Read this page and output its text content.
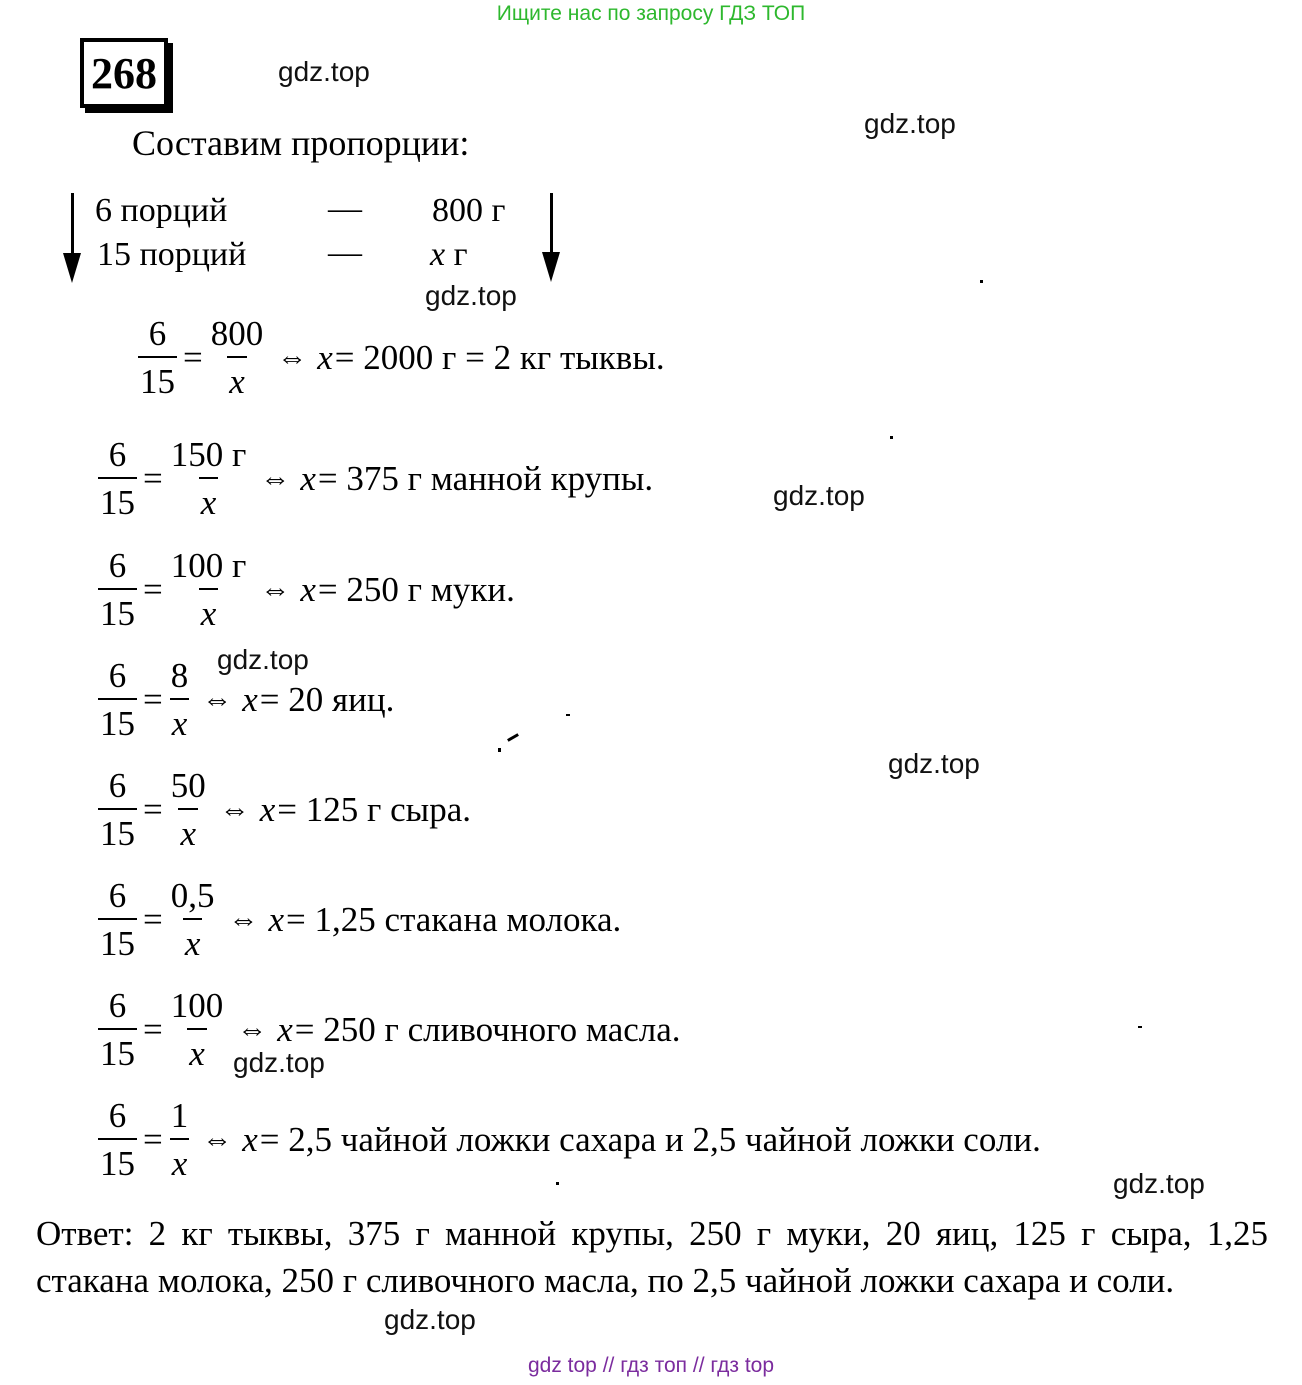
Ищите нас по запросу ГДЗ ТОП
268	gdz.top
gdz.top
Составим пропорции:
6 порций	— 800 г
15 порций — x г
gdz.top
$\frac{6}{15} = \frac{800}{x}$ ⇔ x = 2000 г = 2 кг тыквы.
$\frac{6}{15} = \frac{150 г}{x}$ ⇔ x = 375 г манной крупы.	gdz.top
$\frac{6}{15} = \frac{100 г}{x}$ ⇔ x = 250 г муки.
gdz.top
$\frac{6}{15} = \frac{8}{x}$ ⇔ x = 20 яиц.
gdz.top
$\frac{6}{15} = \frac{50}{x}$ ⇔ x = 125 г сыра.
$\frac{6}{15} = \frac{0,5}{x}$ ⇔ x = 1,25 стакана молока.
$\frac{6}{15} = \frac{100}{x}$ ⇔ x = 250 г сливочного масла.
gdz.top
$\frac{6}{15} = \frac{1}{x}$ ⇔ x = 2,5 чайной ложки сахара и 2,5 чайной ложки соли.
gdz.top
Ответ: 2 кг тыквы, 375 г манной крупы, 250 г муки, 20 яиц, 125 г сыра, 1,25 стакана молока, 250 г сливочного масла, по 2,5 чайной ложки сахара и соли.
gdz.top
gdz top // гдз топ // гдз top
